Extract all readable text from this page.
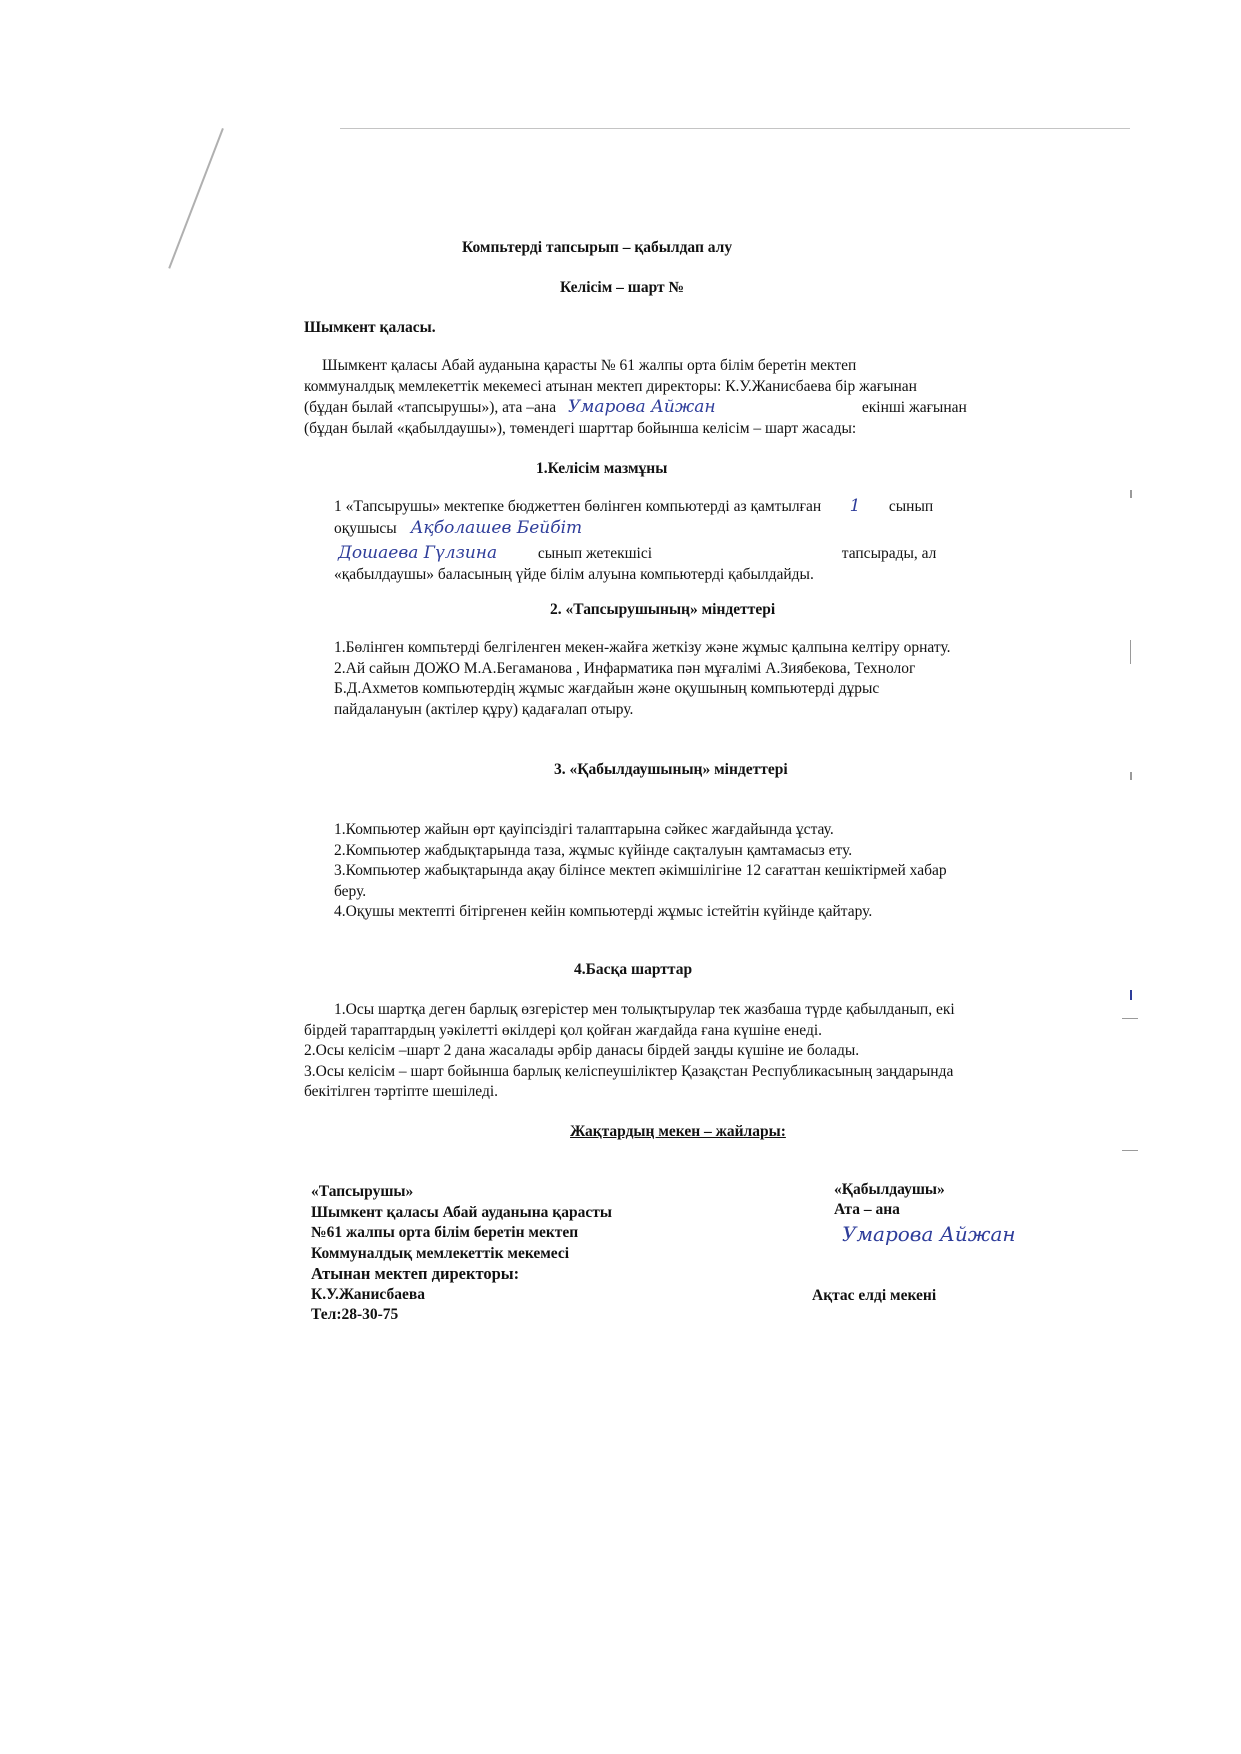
Компьтерді тапсырып – қабылдап алу
Келісім – шарт №
Шымкент қаласы.
Шымкент қаласы Абай ауданына қарасты № 61 жалпы орта білім беретін мектеп
коммуналдық мемлекеттік мекемесі атынан мектеп директоры: К.У.Жанисбаева бір жағынан
(бұдан былай «тапсырушы»), ата –ана Умарова Айжан	екінші жағынан
(бұдан былай «қабылдаушы»), төмендегі шарттар бойынша келісім – шарт жасады:
1.Келісім мазмұны
1 «Тапсырушы» мектепке бюджеттен бөлінген компьютерді аз қамтылған 1 сынып
оқушысы Ақболашев Бейбіт
Дошаева Гүлзина	сынып жетекшісі	тапсырады, ал
«қабылдаушы» баласының үйде білім алуына компьютерді қабылдайды.
2. «Тапсырушының» міндеттері
1.Бөлінген компьтерді белгіленген мекен-жайға жеткізу және жұмыс қалпына келтіру орнату.
2.Ай сайын ДОЖО М.А.Бегаманова , Инфарматика пән мұғалімі А.Зиябекова, Технолог
Б.Д.Ахметов компьютердің жұмыс жағдайын және оқушының компьютерді дұрыс
пайдалануын (актілер құру) қадағалап отыру.
3. «Қабылдаушының» міндеттері
1.Компьютер жайын өрт қауіпсіздігі талаптарына сәйкес жағдайында ұстау.
2.Компьютер жабдықтарында таза, жұмыс күйінде сақталуын қамтамасыз ету.
3.Компьютер жабықтарында ақау білінсе мектеп әкімшілігіне 12 сағаттан кешіктірмей хабар
беру.
4.Оқушы мектепті бітіргенен кейін компьютерді жұмыс істейтін күйінде қайтару.
4.Басқа шарттар
1.Осы шартқа деген барлық өзгерістер мен толықтырулар тек жазбаша түрде қабылданып, екі
бірдей тараптардың уәкілетті өкілдері қол қойған жағдайда ғана күшіне енеді.
2.Осы келісім –шарт 2 дана жасалады әрбір данасы бірдей заңды күшіне ие болады.
3.Осы келісім – шарт бойынша барлық келіспеушіліктер Қазақстан Республикасының заңдарында
бекітілген тәртіпте шешіледі.
Жақтардың мекен – жайлары:
«Тапсырушы»
Шымкент қаласы Абай ауданына қарасты
№61 жалпы орта білім беретін мектеп
Коммуналдық мемлекеттік мекемесі
Атынан мектеп директоры:
К.У.Жанисбаева
Тел:28-30-75
«Қабылдаушы»
Ата – ана
Умарова Айжан
Ақтас елді мекені
